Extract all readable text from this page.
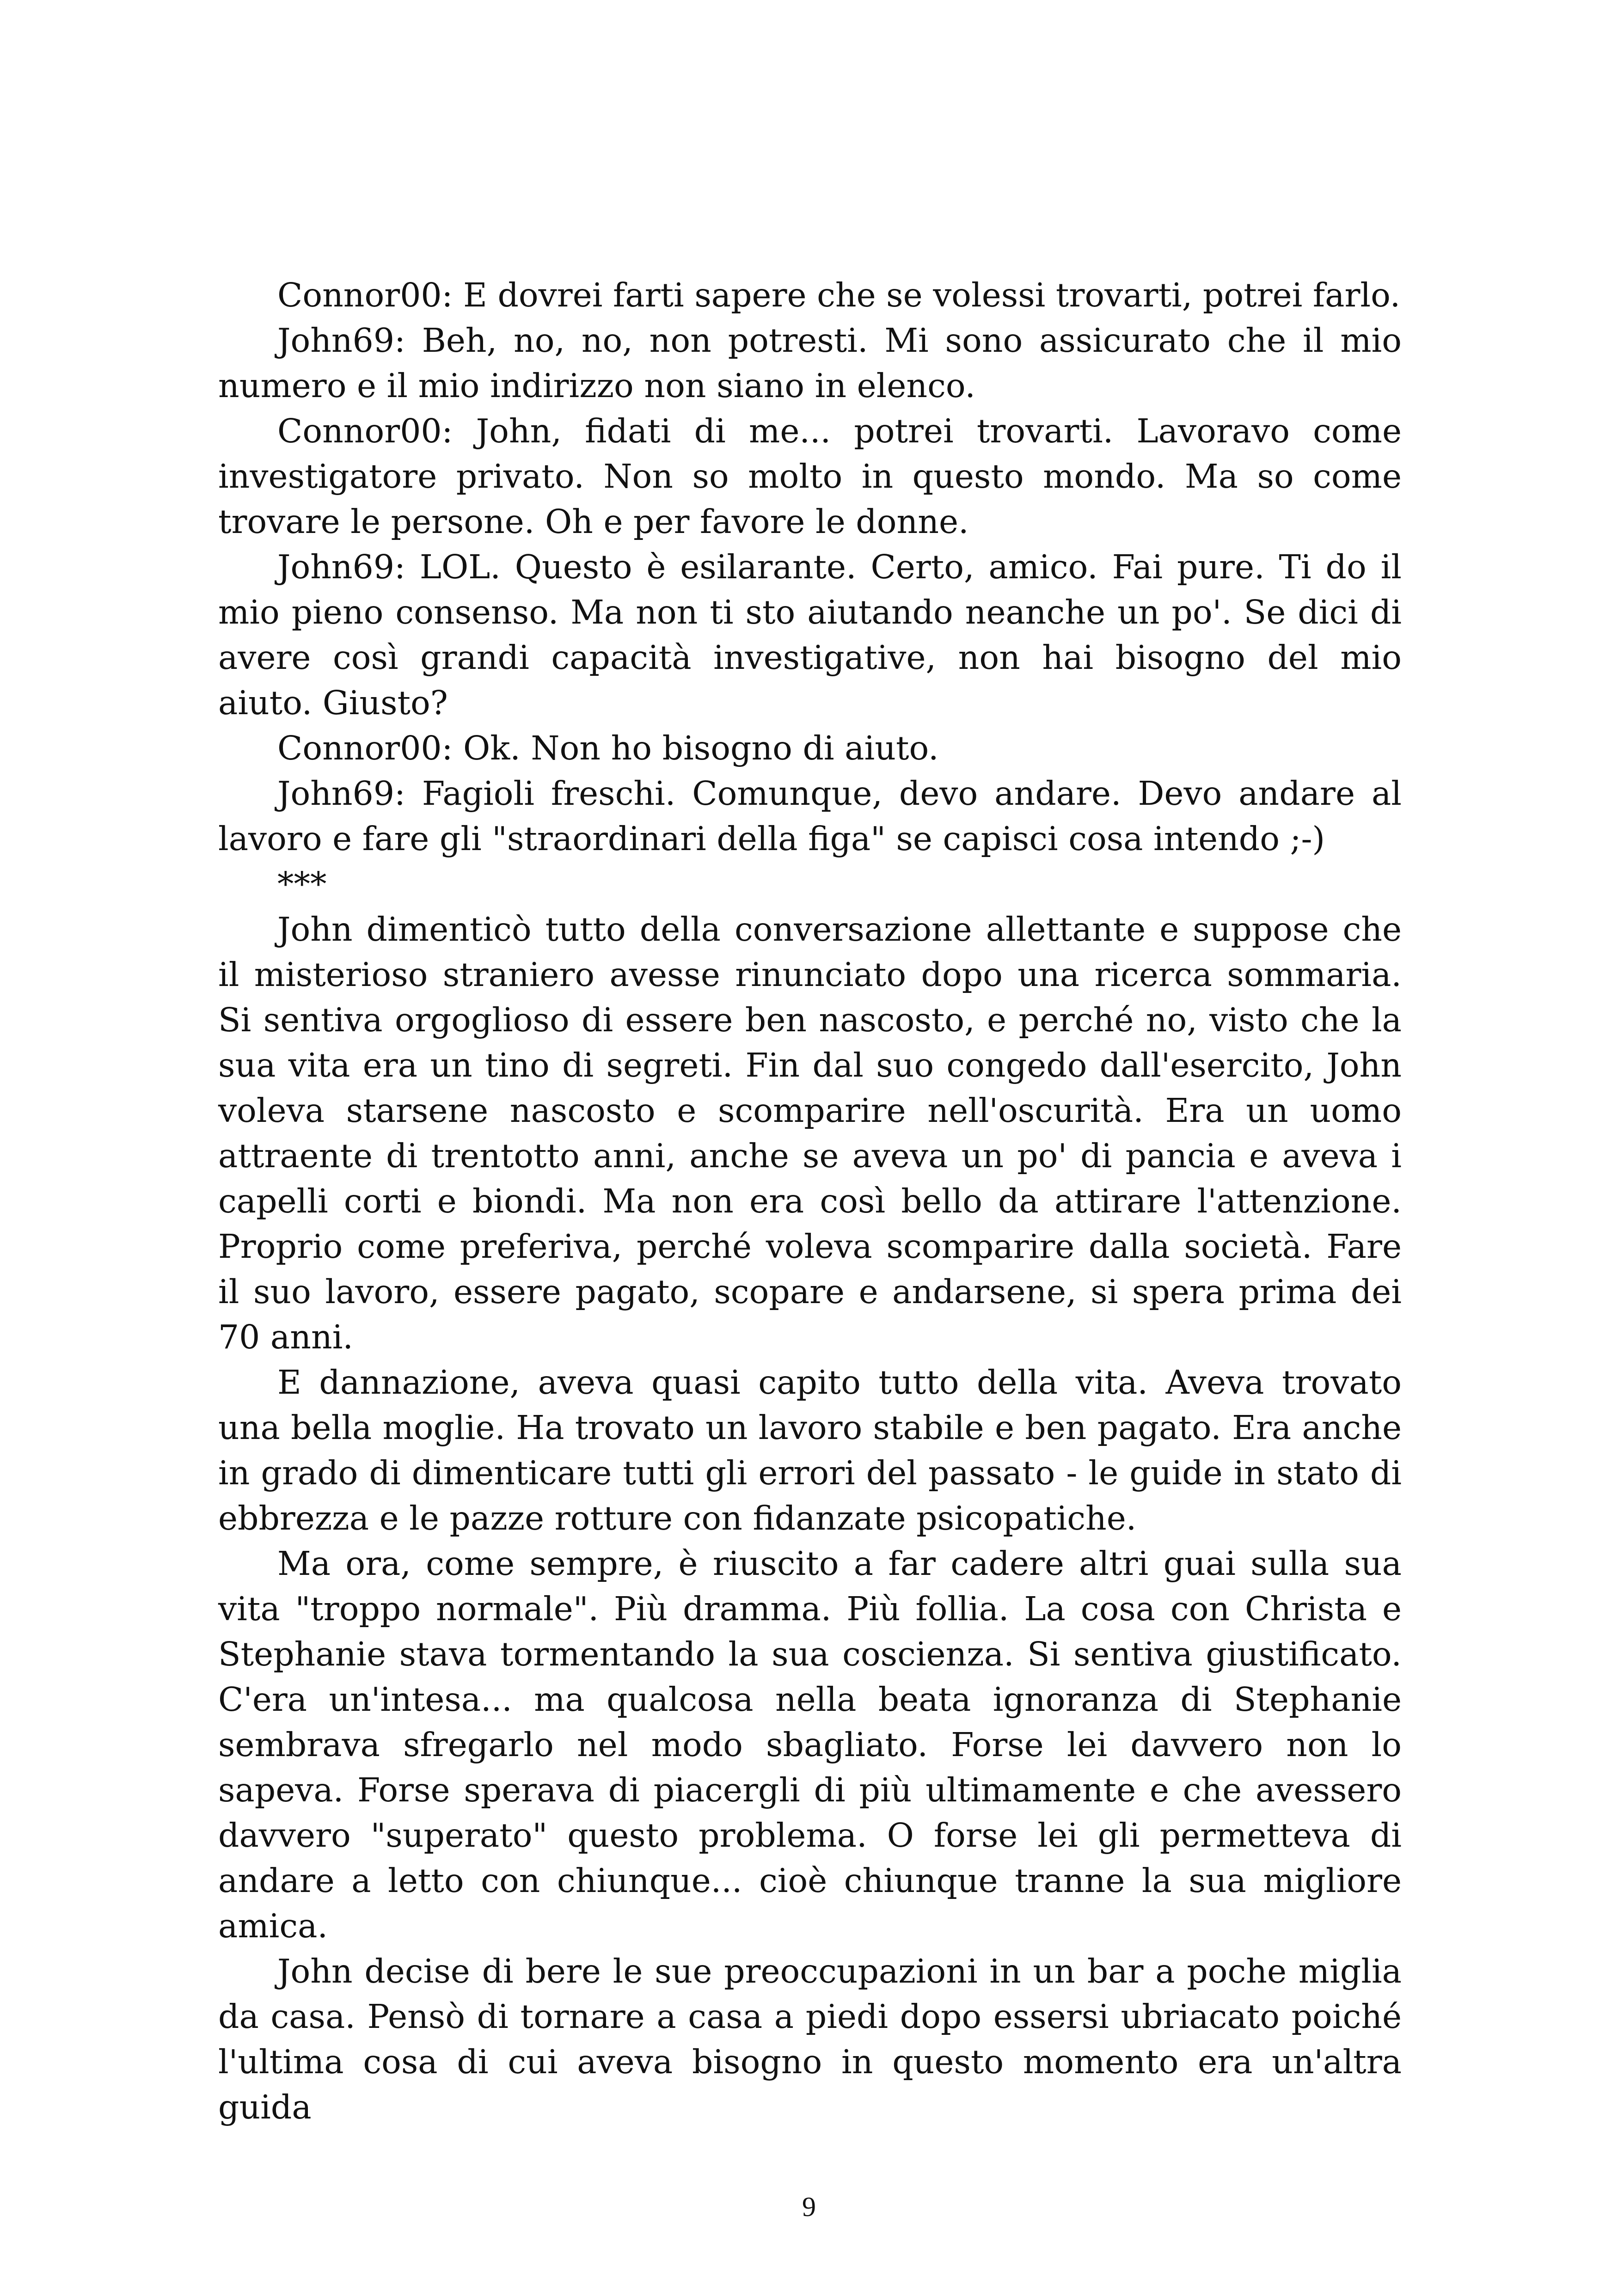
Connor00: E dovrei farti sapere che se volessi trovarti, potrei farlo.

John69: Beh, no, no, non potresti. Mi sono assicurato che il mio numero e il mio indirizzo non siano in elenco.

Connor00: John, fidati di me... potrei trovarti. Lavoravo come investigatore privato. Non so molto in questo mondo. Ma so come trovare le persone. Oh e per favore le donne.

John69: LOL. Questo è esilarante. Certo, amico. Fai pure. Ti do il mio pieno consenso. Ma non ti sto aiutando neanche un po'. Se dici di avere così grandi capacità investigative, non hai bisogno del mio aiuto. Giusto?

Connor00: Ok. Non ho bisogno di aiuto.

John69: Fagioli freschi. Comunque, devo andare. Devo andare al lavoro e fare gli "straordinari della figa" se capisci cosa intendo ;-)

***

John dimenticò tutto della conversazione allettante e suppose che il misterioso straniero avesse rinunciato dopo una ricerca sommaria. Si sentiva orgoglioso di essere ben nascosto, e perché no, visto che la sua vita era un tino di segreti. Fin dal suo congedo dall'esercito, John voleva starsene nascosto e scomparire nell'oscurità. Era un uomo attraente di trentotto anni, anche se aveva un po' di pancia e aveva i capelli corti e biondi. Ma non era così bello da attirare l'attenzione. Proprio come preferiva, perché voleva scomparire dalla società. Fare il suo lavoro, essere pagato, scopare e andarsene, si spera prima dei 70 anni.

E dannazione, aveva quasi capito tutto della vita. Aveva trovato una bella moglie. Ha trovato un lavoro stabile e ben pagato. Era anche in grado di dimenticare tutti gli errori del passato - le guide in stato di ebbrezza e le pazze rotture con fidanzate psicopatiche.

Ma ora, come sempre, è riuscito a far cadere altri guai sulla sua vita "troppo normale". Più dramma. Più follia. La cosa con Christa e Stephanie stava tormentando la sua coscienza. Si sentiva giustificato. C'era un'intesa... ma qualcosa nella beata ignoranza di Stephanie sembrava sfregarlo nel modo sbagliato. Forse lei davvero non lo sapeva. Forse sperava di piacergli di più ultimamente e che avessero davvero "superato" questo problema. O forse lei gli permetteva di andare a letto con chiunque... cioè chiunque tranne la sua migliore amica.

John decise di bere le sue preoccupazioni in un bar a poche miglia da casa. Pensò di tornare a casa a piedi dopo essersi ubriacato poiché l'ultima cosa di cui aveva bisogno in questo momento era un'altra guida

9
